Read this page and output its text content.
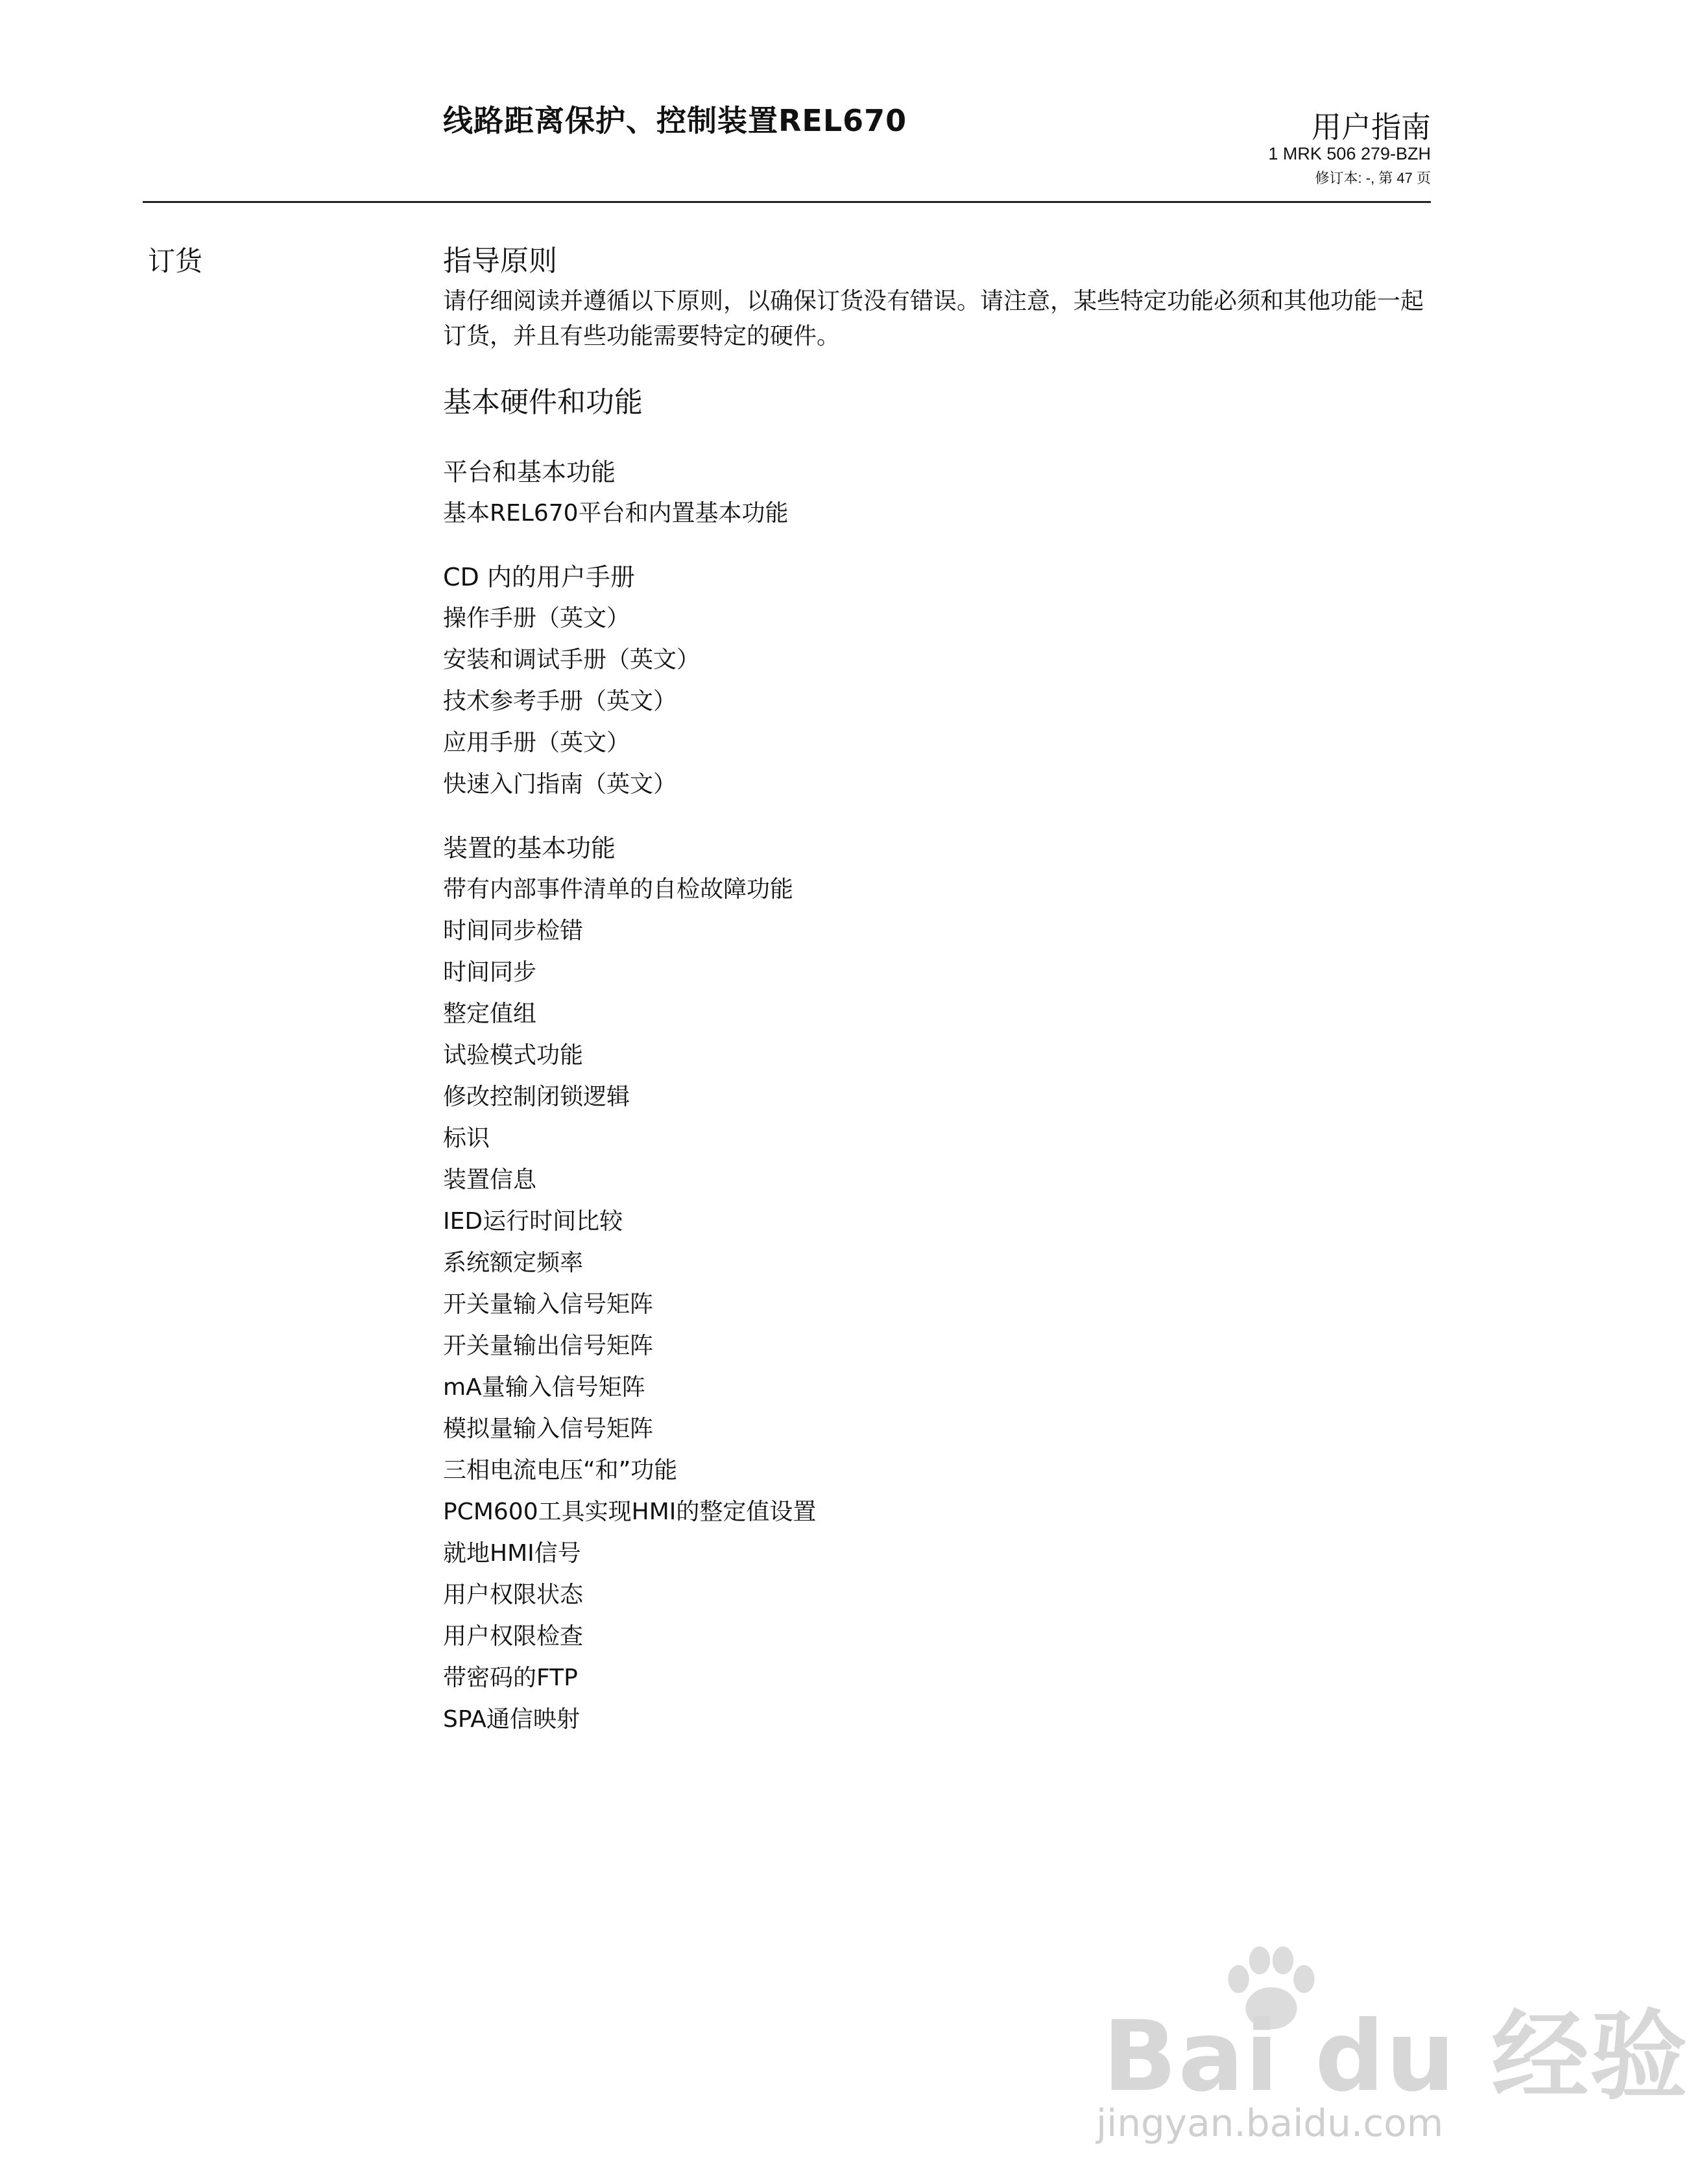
线路距离保护、控制装置REL670	用户指南
1 MRK 506 279-BZH
修订本: -, 第 47 页
订货	指导原则

请仔细阅读并遵循以下原则，以确保订货没有错误。请注意，某些特定功能必须和其他功能一起订货，并且有些功能需要特定的硬件。

基本硬件和功能
平台和基本功能
基本REL670平台和内置基本功能
CD 内的用户手册
操作手册（英文）
安装和调试手册（英文）
技术参考手册（英文）
应用手册（英文）
快速入门指南（英文）
装置的基本功能
带有内部事件清单的自检故障功能
时间同步检错
时间同步
整定值组
试验模式功能
修改控制闭锁逻辑
标识
装置信息
IED运行时间比较
系统额定频率
开关量输入信号矩阵
开关量输出信号矩阵
mA量输入信号矩阵
模拟量输入信号矩阵
三相电流电压“和”功能
PCM600工具实现HMI的整定值设置
就地HMI信号
用户权限状态
用户权限检查
带密码的FTP
SPA通信映射
Bai du 经验
jingyan.baidu.com
